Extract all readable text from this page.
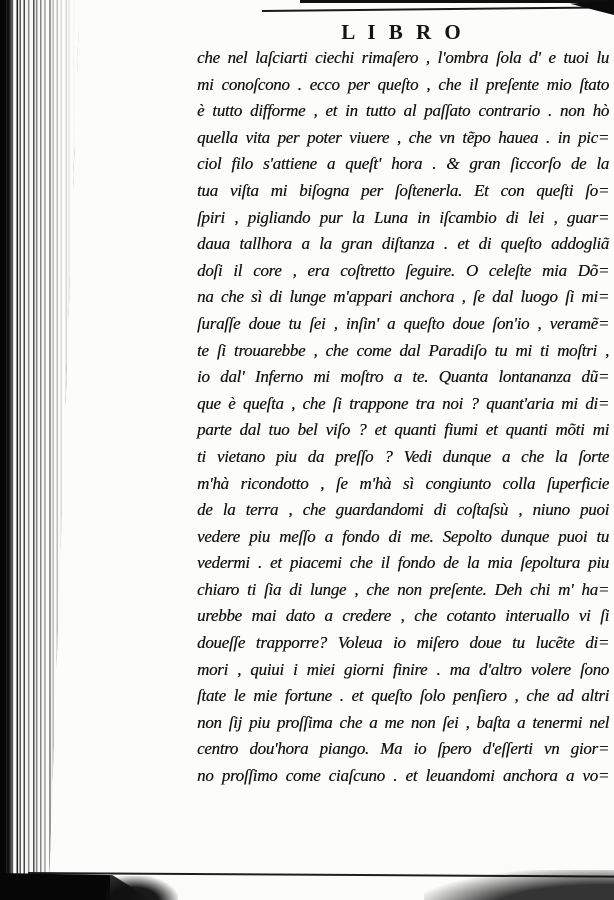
L I B R O
che nel laſciarti ciechi rimaſero , l'ombra ſola d' e tuoi lu
mi conoſcono . ecco per queſto , che il preſente mio ſtato
è tutto difforme , et in tutto al paſſato contrario . non hò
quella vita per poter viuere , che vn tẽpo hauea . in pic=
ciol filo s'attiene a queſt' hora . & gran ſiccorſo de la
tua viſta mi biſogna per ſoſtenerla. Et con queſti ſo=
ſpiri , pigliando pur la Luna in iſcambio di lei , guar=
daua tallhora a la gran diſtanza . et di queſto addogliã
doſi il core , era coſtretto ſeguire. O celeſte mia Dõ=
na che sì di lunge m'appari anchora , ſe dal luogo ſi mi=
ſuraſſe doue tu ſei , inſin' a queſto doue ſon'io , veramẽ=
te ſi trouarebbe , che come dal Paradiſo tu mi ti moſtri ,
io dal' Inferno mi moſtro a te. Quanta lontananza dũ=
que è queſta , che ſi trappone tra noi ? quant'aria mi di=
parte dal tuo bel viſo ? et quanti fiumi et quanti mõti mi
ti vietano piu da preſſo ? Vedi dunque a che la ſorte
m'hà ricondotto , ſe m'hà sì congiunto colla ſuperficie
de la terra , che guardandomi di coſtaſsù , niuno puoi
vedere piu meſſo a fondo di me. Sepolto dunque puoi tu
vedermi . et piacemi che il fondo de la mia ſepoltura piu
chiaro ti ſia di lunge , che non preſente. Deh chi m' ha=
urebbe mai dato a credere , che cotanto interuallo vi ſi
doueſſe trapporre? Voleua io miſero doue tu lucẽte di=
mori , quiui i miei giorni finire . ma d'altro volere ſono
ſtate le mie fortune . et queſto ſolo penſiero , che ad altri
non ſij piu proſſima che a me non ſei , baſta a tenermi nel
centro dou'hora piango. Ma io ſpero d'eſſerti vn gior=
no proſſimo come ciaſcuno . et leuandomi anchora a vo=
